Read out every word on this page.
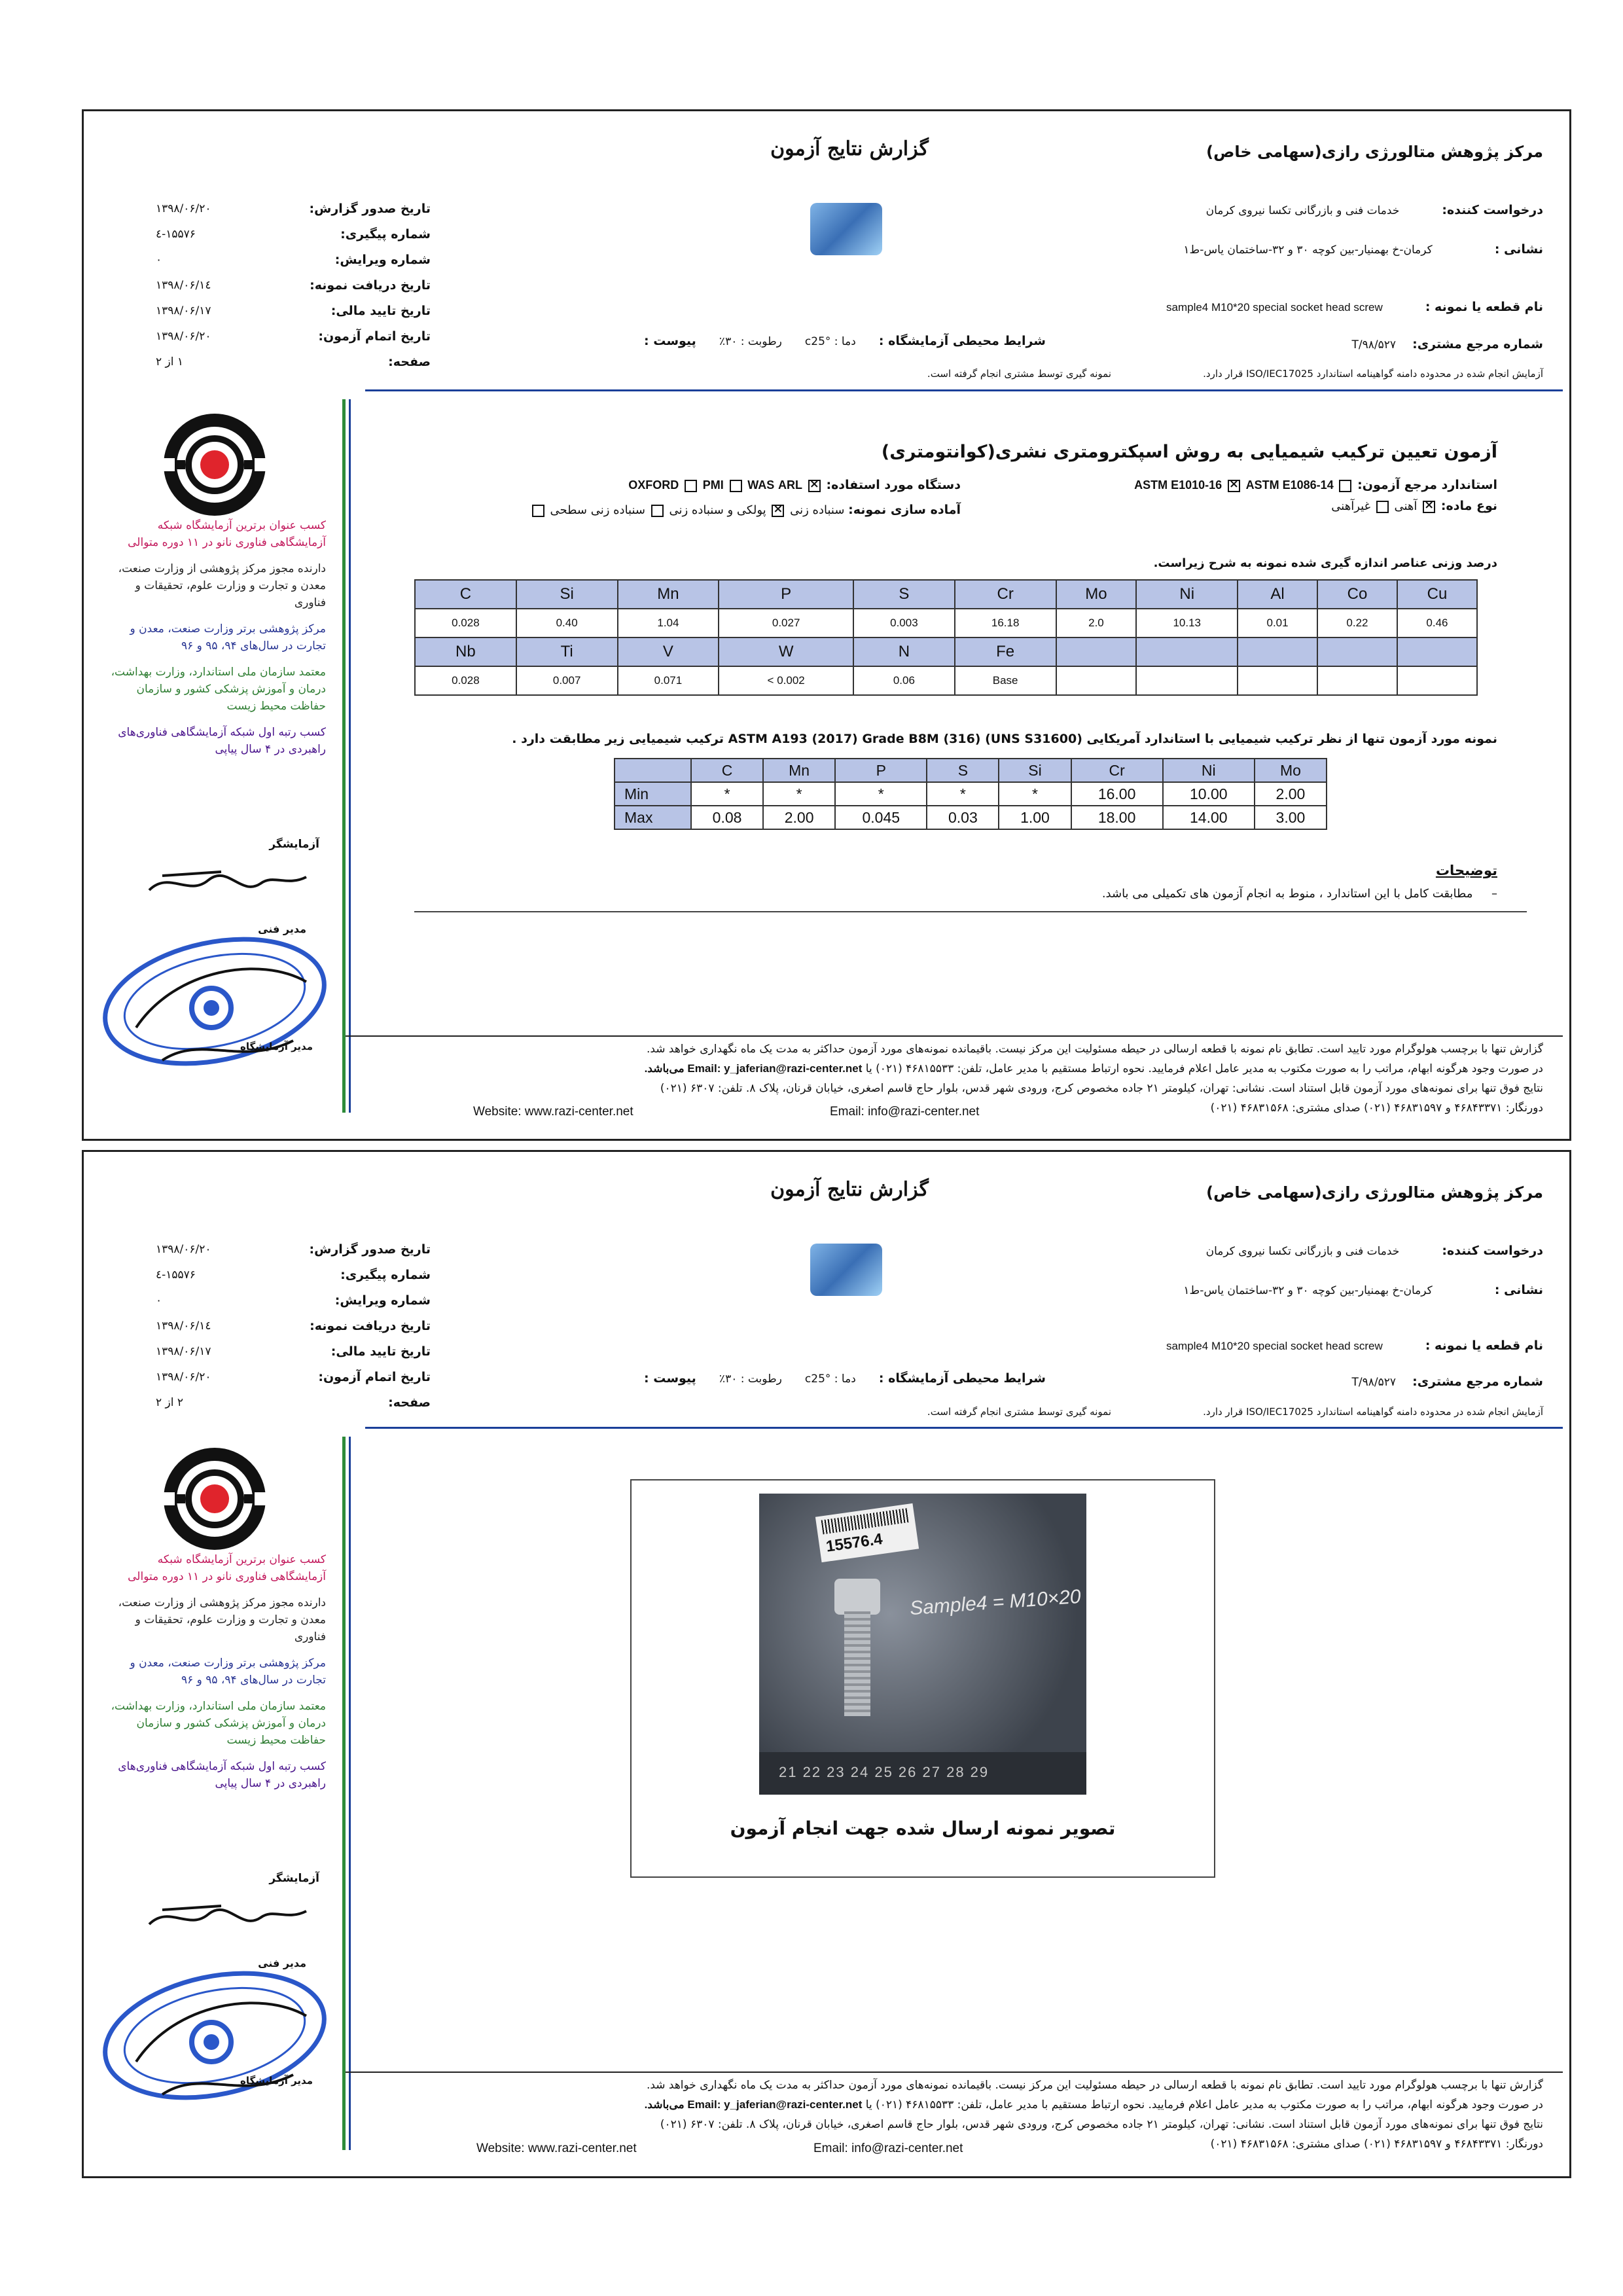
گزارش نتایج آزمون	مرکز پژوهش متالورژی رازی(سهامی خاص)
درخواست کننده: خدمات فنی و بازرگانی تکسا نیروی کرمان
نشانی : کرمان-خ بهمنیار-بین کوچه ۳۰ و ۳۲-ساختمان یاس-ط۱
نام قطعه یا نمونه : sample4 M10*20 special socket head screw
شماره مرجع مشتری: ۵۲۷/T/۹۸
آزمایش انجام شده در محدوده دامنه گواهینامه استاندارد ISO/IEC17025 قرار دارد.
نمونه گیری توسط مشتری انجام گرفته است.
شرایط محیطی آزمایشگاه : دما : °c25 رطوبت : ۳۰٪ پیوست :
تاریخ صدور گزارش:
۱۳۹۸/۰۶/۲۰
شماره پیگیری:
۱۵۵۷۶-٤
شماره ویرایش:
۰
تاریخ دریافت نمونه:
۱۳۹۸/۰۶/۱٤
تاریخ تایید مالی:
۱۳۹۸/۰۶/۱۷
تاریخ اتمام آزمون:
۱۳۹۸/۰۶/۲۰
صفحه:
۱ از ۲

کسب عنوان برترین آزمایشگاه شبکه آزمایشگاهی فناوری نانو در ۱۱ دوره متوالی

دارنده مجوز مرکز پژوهشی از وزارت صنعت، معدن و تجارت و وزارت علوم، تحقیقات و فناوری

مرکز پژوهشی برتر وزارت صنعت، معدن و تجارت در سال‌های ۹۴، ۹۵ و ۹۶

معتمد سازمان ملی استاندارد، وزارت بهداشت، درمان و آموزش پزشکی کشور و سازمان حفاظت محیط زیست

کسب رتبه اول شبکه آزمایشگاهی فناوری‌های راهبردی در ۴ سال پیاپی

آزمایشگر
مدیر فنی
مدیر آزمایشگاه
آزمون تعیین ترکیب شیمیایی به روش اسپکترومتری نشری(کوانتومتری)
استاندارد مرجع آزمون:  ASTM E1010-16 × ASTM E1086-14
نوع ماده: × آهنی  غیرآهنی
دستگاه مورد استفاده: × OXFORD PMI WAS ARL
آماده سازی نمونه: سنباده زنی × پولکی و سنباده زنی  سنباده زنی سطحی
درصد وزنی عناصر اندازه گیری شده نمونه به شرح زیراست.
C	Si	Mn	P	S	Cr	Mo	Ni	Al	Co	Cu
0.028	0.40	1.04	0.027	0.003	16.18	2.0	10.13	0.01	0.22	0.46
Nb	Ti	V	W	N	Fe					
0.028	0.007	0.071	< 0.002	0.06	Base					
نمونه مورد آزمون تنها از نظر ترکیب شیمیایی با استاندارد آمریکایی ASTM A193 (2017) Grade B8M (316) (UNS S31600) ترکیب شیمیایی زیر مطابقت دارد .
	C	Mn	P	S	Si	Cr	Ni	Mo
Min	*	*	*	*	*	16.00	10.00	2.00
Max	0.08	2.00	0.045	0.03	1.00	18.00	14.00	3.00
توضیحات
–     مطابقت کامل با این استاندارد ، منوط به انجام آزمون های تکمیلی می باشد.
گزارش تنها با برچسب هولوگرام مورد تایید است. تطابق نام نمونه با قطعه ارسالی در حیطه مسئولیت این مرکز نیست. باقیمانده نمونه‌های مورد آزمون حداکثر به مدت یک ماه نگهداری خواهد شد.
در صورت وجود هرگونه ابهام، مراتب را به صورت مکتوب به مدیر عامل اعلام فرمایید. نحوه ارتباط مستقیم با مدیر عامل، تلفن: ۴۶۸۱۵۵۳۳ (۰۲۱) یا Email: y_jaferian@razi-center.net می‌باشد.
نتایج فوق تنها برای نمونه‌های مورد آزمون قابل استناد است. نشانی: تهران، کیلومتر ۲۱ جاده مخصوص کرج، ورودی شهر قدس، بلوار حاج قاسم اصغری، خیابان قرنان، پلاک ۸. تلفن: ۶۳۰۷ (۰۲۱)
دورنگار: ۴۶۸۴۳۳۷۱ و ۴۶۸۳۱۵۹۷ (۰۲۱) صدای مشتری: ۴۶۸۳۱۵۶۸ (۰۲۱)
Website: www.razi-center.net	Email: info@razi-center.net
گزارش نتایج آزمون	مرکز پژوهش متالورژی رازی(سهامی خاص)
درخواست کننده: خدمات فنی و بازرگانی تکسا نیروی کرمان
نشانی : کرمان-خ بهمنیار-بین کوچه ۳۰ و ۳۲-ساختمان یاس-ط۱
نام قطعه یا نمونه : sample4 M10*20 special socket head screw
شماره مرجع مشتری: ۵۲۷/T/۹۸
آزمایش انجام شده در محدوده دامنه گواهینامه استاندارد ISO/IEC17025 قرار دارد.
نمونه گیری توسط مشتری انجام گرفته است.
شرایط محیطی آزمایشگاه : دما : °c25 رطوبت : ۳۰٪ پیوست :
تاریخ صدور گزارش:
۱۳۹۸/۰۶/۲۰
شماره پیگیری:
۱۵۵۷۶-٤
شماره ویرایش:
۰
تاریخ دریافت نمونه:
۱۳۹۸/۰۶/۱٤
تاریخ تایید مالی:
۱۳۹۸/۰۶/۱۷
تاریخ اتمام آزمون:
۱۳۹۸/۰۶/۲۰
صفحه:
۲ از ۲

کسب عنوان برترین آزمایشگاه شبکه آزمایشگاهی فناوری نانو در ۱۱ دوره متوالی

دارنده مجوز مرکز پژوهشی از وزارت صنعت، معدن و تجارت و وزارت علوم، تحقیقات و فناوری

مرکز پژوهشی برتر وزارت صنعت، معدن و تجارت در سال‌های ۹۴، ۹۵ و ۹۶

معتمد سازمان ملی استاندارد، وزارت بهداشت، درمان و آموزش پزشکی کشور و سازمان حفاظت محیط زیست

کسب رتبه اول شبکه آزمایشگاهی فناوری‌های راهبردی در ۴ سال پیاپی

آزمایشگر
مدیر فنی
مدیر آزمایشگاه
15576.4
Sample4 = M10×20
21 22 23 24 25 26 27 28 29
تصویر نمونه ارسال شده جهت انجام آزمون
گزارش تنها با برچسب هولوگرام مورد تایید است. تطابق نام نمونه با قطعه ارسالی در حیطه مسئولیت این مرکز نیست. باقیمانده نمونه‌های مورد آزمون حداکثر به مدت یک ماه نگهداری خواهد شد.
در صورت وجود هرگونه ابهام، مراتب را به صورت مکتوب به مدیر عامل اعلام فرمایید. نحوه ارتباط مستقیم با مدیر عامل، تلفن: ۴۶۸۱۵۵۳۳ (۰۲۱) یا Email: y_jaferian@razi-center.net می‌باشد.
نتایج فوق تنها برای نمونه‌های مورد آزمون قابل استناد است. نشانی: تهران، کیلومتر ۲۱ جاده مخصوص کرج، ورودی شهر قدس، بلوار حاج قاسم اصغری، خیابان قرنان، پلاک ۸. تلفن: ۶۳۰۷ (۰۲۱)
دورنگار: ۴۶۸۴۳۳۷۱ و ۴۶۸۳۱۵۹۷ (۰۲۱) صدای مشتری: ۴۶۸۳۱۵۶۸ (۰۲۱)
Website: www.razi-center.net	Email: info@razi-center.net
